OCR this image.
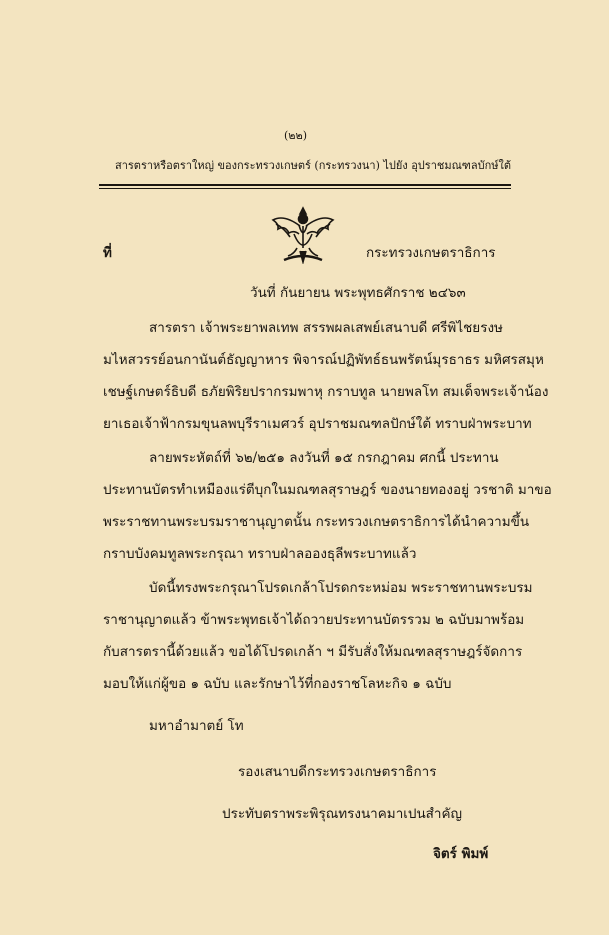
(๒๒)
สารตราหรือตราใหญ่ ของกระทรวงเกษตร์ (กระทรวงนา) ไปยัง อุปราชมณฑลบักษ์ใต้
ที่	กระทรวงเกษตราธิการ
วันที่ กันยายน พระพุทธศักราช ๒๔๖๓
สารตรา เจ้าพระยาพลเทพ สรรพผลเสพย์เสนาบดี ศรีพิไชยรงษ
มไหสวรรย์อนกานันต์ธัญญาหาร พิจารณ์ปฏิพัทธ์ธนพรัตน์มุรธาธร มหิศรสมุห
เชษฐ์เกษตร์ธิบดี ธภัยพิริยปรากรมพาหุ กราบทูล นายพลโท สมเด็จพระเจ้าน้อง
ยาเธอเจ้าฟ้ากรมขุนลพบุรีราเมศวร์ อุปราชมณฑลปักษ์ใต้ ทราบฝ่าพระบาท
ลายพระหัตถ์ที่ ๖๒/๒๕๑ ลงวันที่ ๑๕ กรกฎาคม ศกนี้ ประทาน
ประทานบัตรทำเหมืองแร่ตีบุกในมณฑลสุราษฎร์ ของนายทองอยู่ วรชาติ มาขอ
พระราชทานพระบรมราชานุญาตนั้น กระทรวงเกษตราธิการได้นำความขึ้น
กราบบังคมทูลพระกรุณา ทราบฝ่าลอองธุลีพระบาทแล้ว
บัดนี้ทรงพระกรุณาโปรดเกล้าโปรดกระหม่อม พระราชทานพระบรม
ราชานุญาตแล้ว ข้าพระพุทธเจ้าได้ถวายประทานบัตรรวม ๒ ฉบับมาพร้อม
กับสารตรานี้ด้วยแล้ว ขอได้โปรดเกล้า ฯ มีรับสั่งให้มณฑลสุราษฎร์จัดการ
มอบให้แก่ผู้ขอ ๑ ฉบับ และรักษาไว้ที่กองราชโลหะกิจ ๑ ฉบับ
มหาอำมาตย์ โท
รองเสนาบดีกระทรวงเกษตราธิการ
ประทับตราพระพิรุณทรงนาคมาเปนสำคัญ
จิตร์ พิมพ์
